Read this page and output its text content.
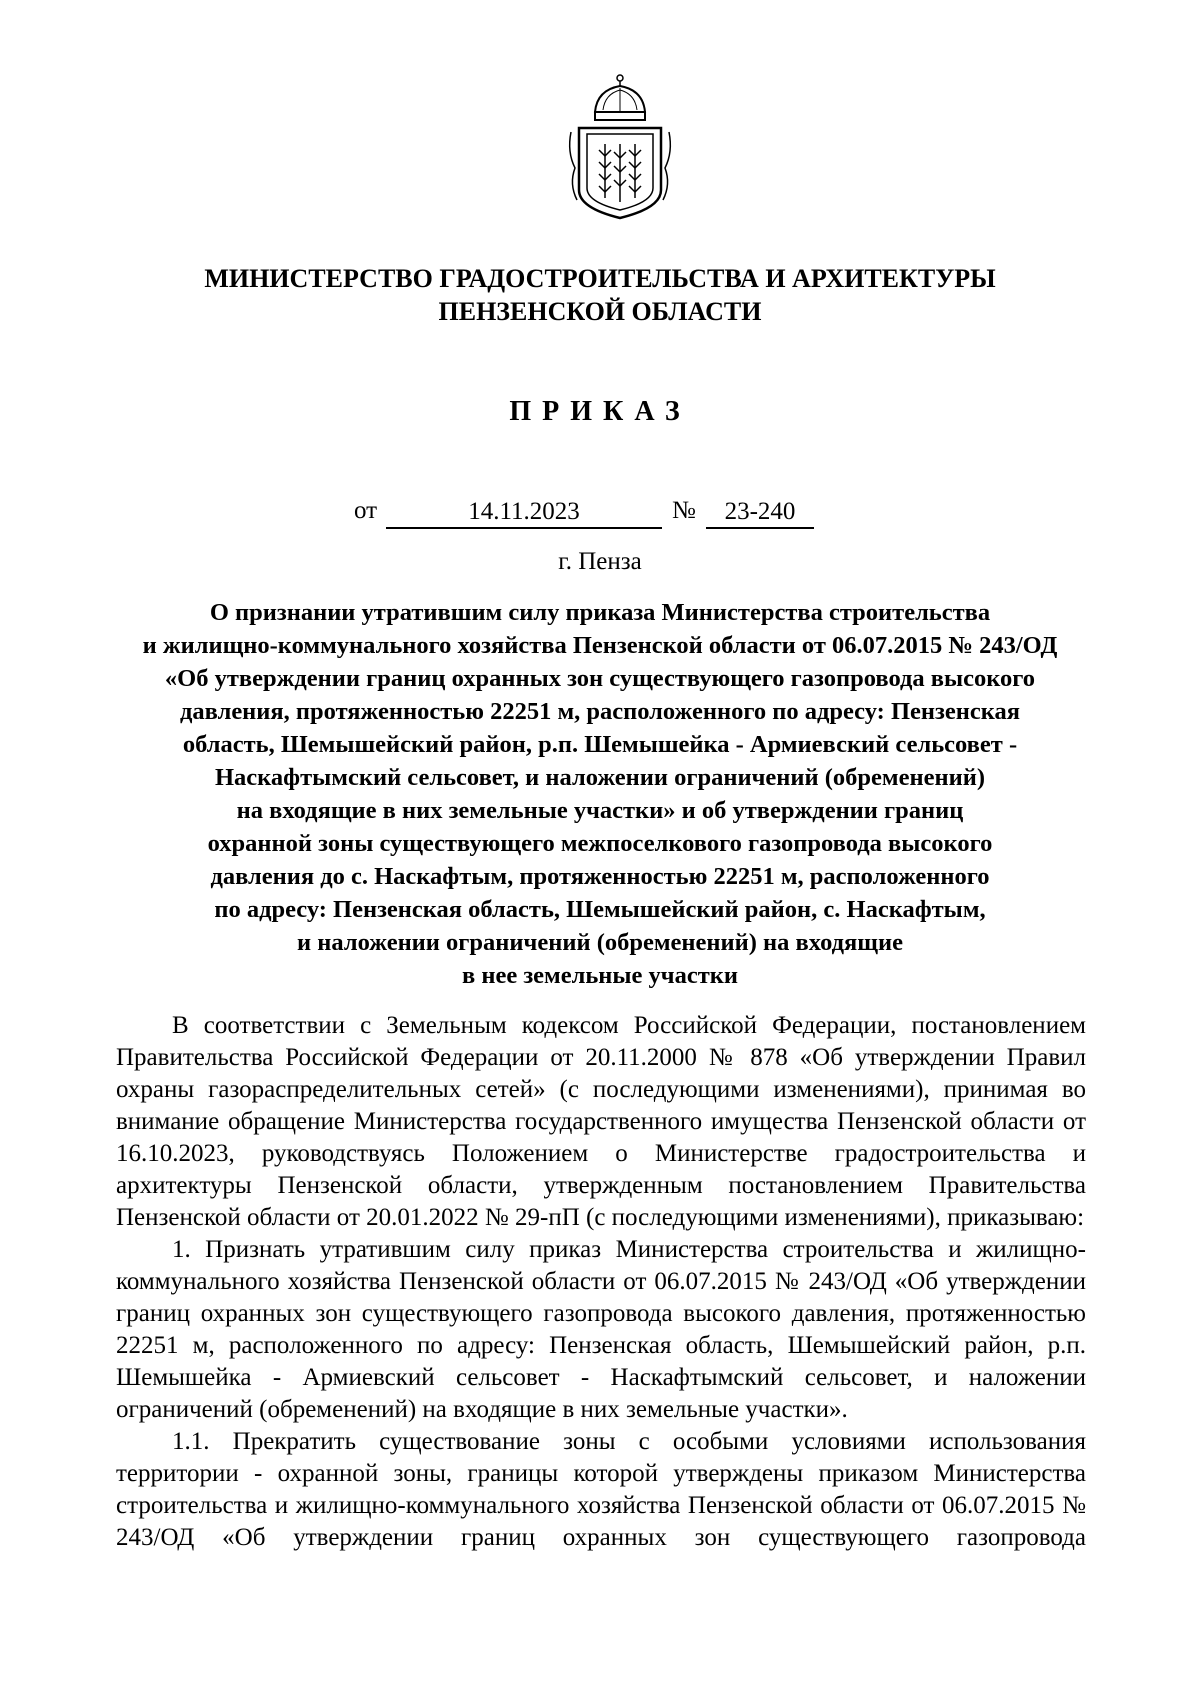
МИНИСТЕРСТВО ГРАДОСТРОИТЕЛЬСТВА И АРХИТЕКТУРЫ
ПЕНЗЕНСКОЙ ОБЛАСТИ
ПРИКАЗ
от	14.11.2023	№	23-240
г. Пенза
О признании утратившим силу приказа Министерства строительства
и жилищно-коммунального хозяйства Пензенской области от 06.07.2015 № 243/ОД
«Об утверждении границ охранных зон существующего газопровода высокого
давления, протяженностью 22251 м, расположенного по адресу: Пензенская
область, Шемышейский район, р.п. Шемышейка - Армиевский сельсовет -
Наскафтымский сельсовет, и наложении ограничений (обременений)
на входящие в них земельные участки» и об утверждении границ
охранной зоны существующего межпоселкового газопровода высокого
давления до с. Наскафтым, протяженностью 22251 м, расположенного
по адресу: Пензенская область, Шемышейский район, с. Наскафтым,
и наложении ограничений (обременений) на входящие
в нее земельные участки

В соответствии с Земельным кодексом Российской Федерации, постановлением Правительства Российской Федерации от 20.11.2000 № 878 «Об утверждении Правил охраны газораспределительных сетей» (с последующими изменениями), принимая во внимание обращение Министерства государственного имущества Пензенской области от 16.10.2023, руководствуясь Положением о Министерстве градостроительства и архитектуры Пензенской области, утвержденным постановлением Правительства Пензенской области от 20.01.2022 № 29-пП (с последующими изменениями), приказываю:

1. Признать утратившим силу приказ Министерства строительства и жилищно-коммунального хозяйства Пензенской области от 06.07.2015 № 243/ОД «Об утверждении границ охранных зон существующего газопровода высокого давления, протяженностью 22251 м, расположенного по адресу: Пензенская область, Шемышейский район, р.п. Шемышейка - Армиевский сельсовет - Наскафтымский сельсовет, и наложении ограничений (обременений) на входящие в них земельные участки».

1.1. Прекратить существование зоны с особыми условиями использования территории - охранной зоны, границы которой утверждены приказом Министерства строительства и жилищно-коммунального хозяйства Пензенской области от 06.07.2015 № 243/ОД «Об утверждении границ охранных зон существующего газопровода
